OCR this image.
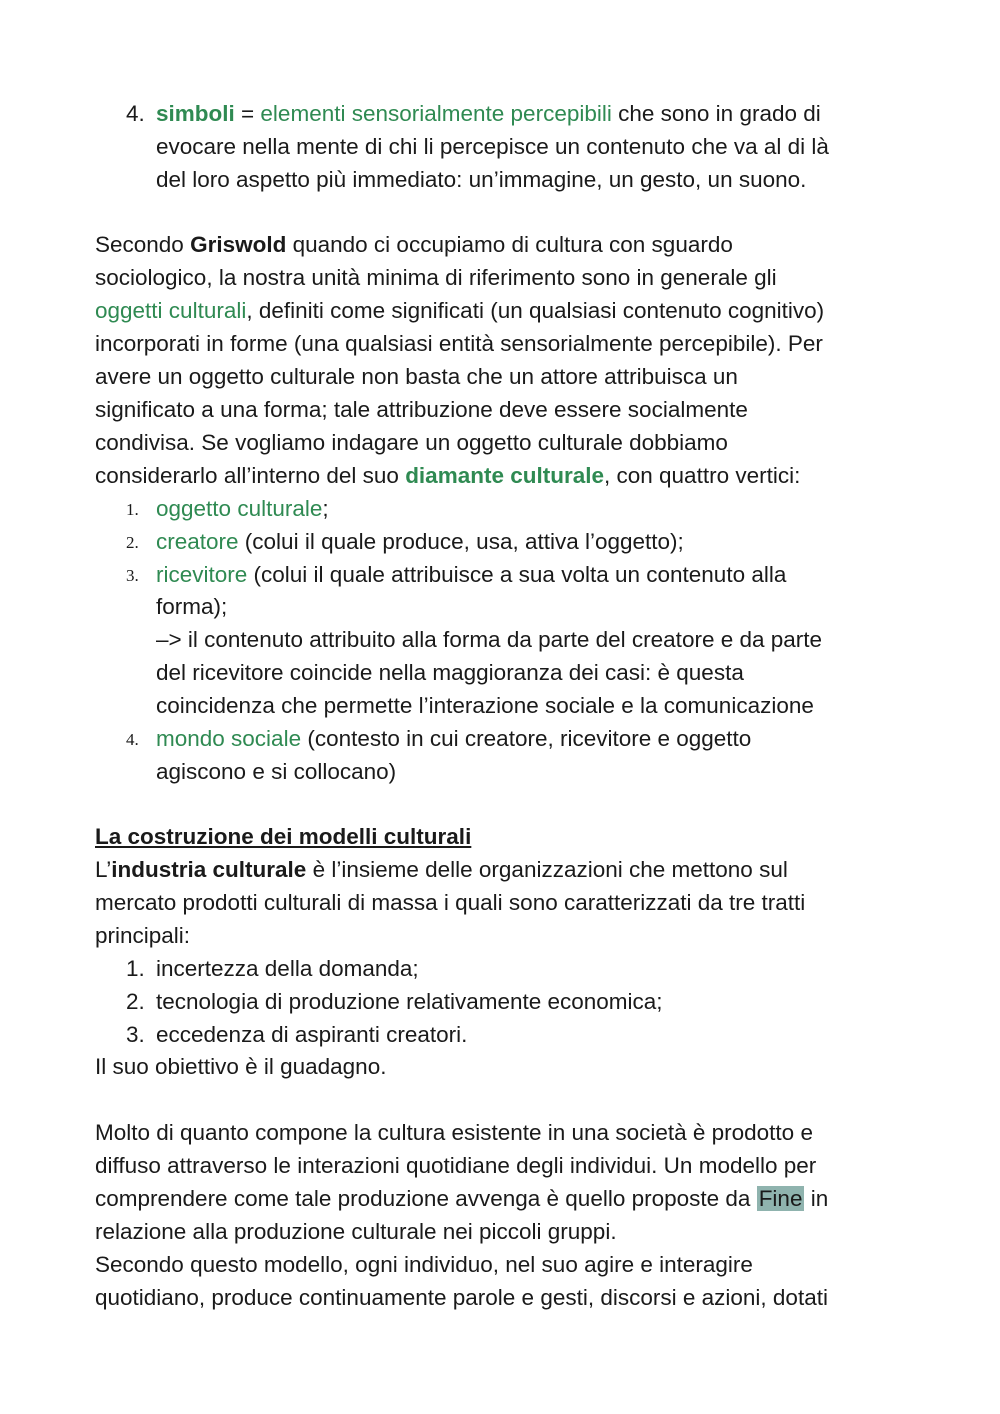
4. simboli = elementi sensorialmente percepibili che sono in grado di
evocare nella mente di chi li percepisce un contenuto che va al di là
del loro aspetto più immediato: un’immagine, un gesto, un suono.
Secondo Griswold quando ci occupiamo di cultura con sguardo
sociologico, la nostra unità minima di riferimento sono in generale gli
oggetti culturali, definiti come significati (un qualsiasi contenuto cognitivo)
incorporati in forme (una qualsiasi entità sensorialmente percepibile). Per
avere un oggetto culturale non basta che un attore attribuisca un
significato a una forma; tale attribuzione deve essere socialmente
condivisa. Se vogliamo indagare un oggetto culturale dobbiamo
considerarlo all’interno del suo diamante culturale, con quattro vertici:
1. oggetto culturale;
2. creatore (colui il quale produce, usa, attiva l’oggetto);
3. ricevitore (colui il quale attribuisce a sua volta un contenuto alla
forma);
–> il contenuto attribuito alla forma da parte del creatore e da parte
del ricevitore coincide nella maggioranza dei casi: è questa
coincidenza che permette l’interazione sociale e la comunicazione
4. mondo sociale (contesto in cui creatore, ricevitore e oggetto
agiscono e si collocano)
La costruzione dei modelli culturali
L’industria culturale è l’insieme delle organizzazioni che mettono sul
mercato prodotti culturali di massa i quali sono caratterizzati da tre tratti
principali:
1. incertezza della domanda;
2. tecnologia di produzione relativamente economica;
3. eccedenza di aspiranti creatori.
Il suo obiettivo è il guadagno.
Molto di quanto compone la cultura esistente in una società è prodotto e
diffuso attraverso le interazioni quotidiane degli individui. Un modello per
comprendere come tale produzione avvenga è quello proposte da Fine in
relazione alla produzione culturale nei piccoli gruppi.
Secondo questo modello, ogni individuo, nel suo agire e interagire
quotidiano, produce continuamente parole e gesti, discorsi e azioni, dotati
